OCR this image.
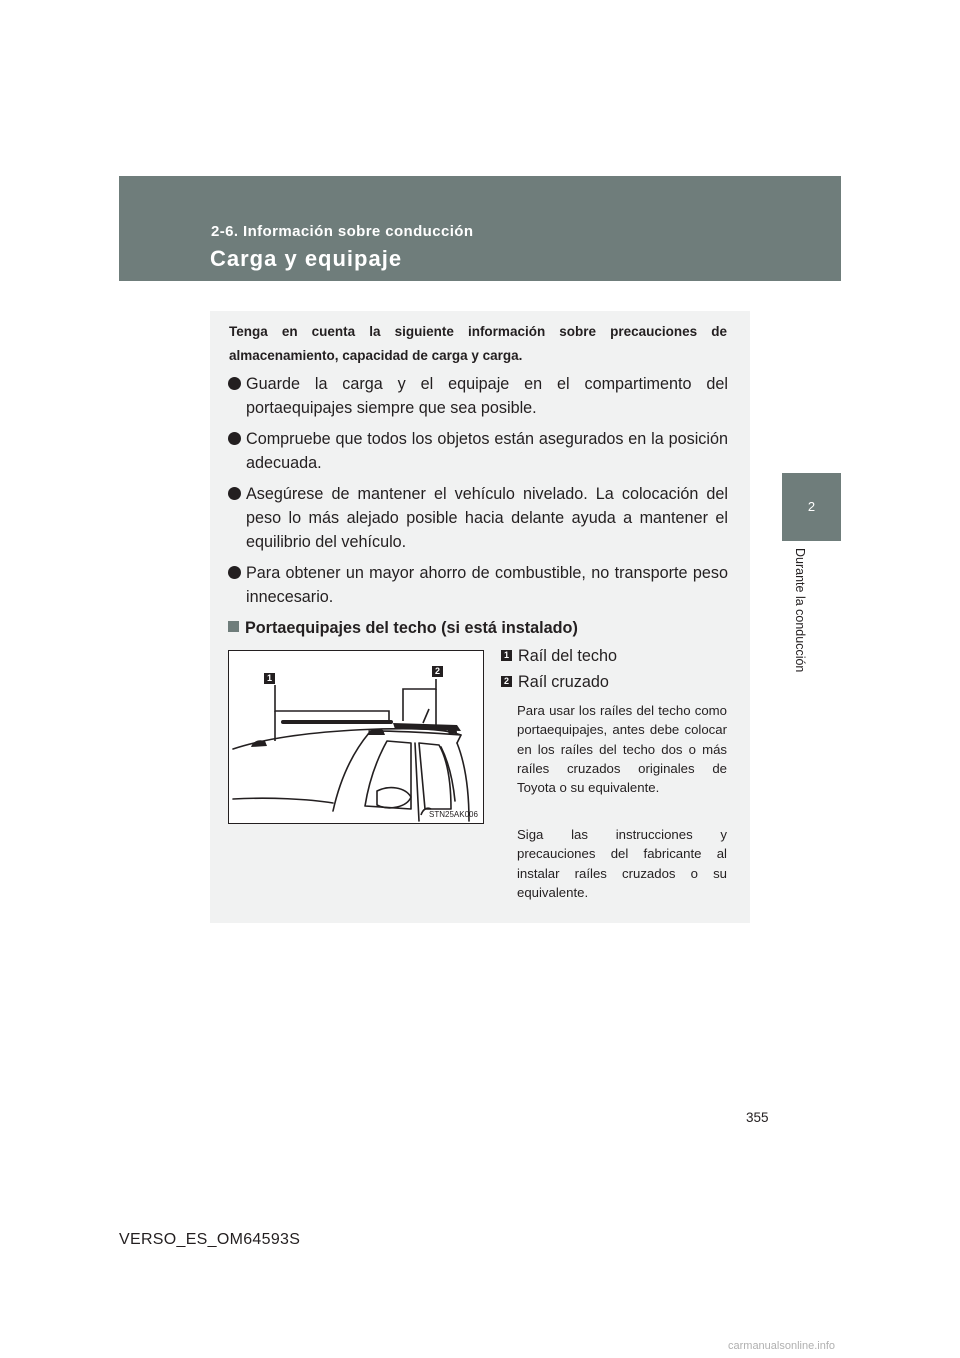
2-6. Información sobre conducción
Carga y equipaje
2
Durante la conducción
Tenga en cuenta la siguiente información sobre precauciones de almacenamiento, capacidad de carga y carga.
Guarde la carga y el equipaje en el compartimento del portaequipajes siempre que sea posible.
Compruebe que todos los objetos están asegurados en la posición adecuada.
Asegúrese de mantener el vehículo nivelado. La colocación del peso lo más alejado posible hacia delante ayuda a mantener el equilibrio del vehículo.
Para obtener un mayor ahorro de combustible, no transporte peso innecesario.
Portaequipajes del techo (si está instalado)
1
2
STN25AK006
1 Raíl del techo
2 Raíl cruzado
Para usar los raíles del techo como portaequipajes, antes debe colocar en los raíles del techo dos o más raíles cruzados originales de Toyota o su equivalente.
Siga las instrucciones y precauciones del fabricante al instalar raíles cruzados o su equivalente.
355
VERSO_ES_OM64593S
carmanualsonline.info
